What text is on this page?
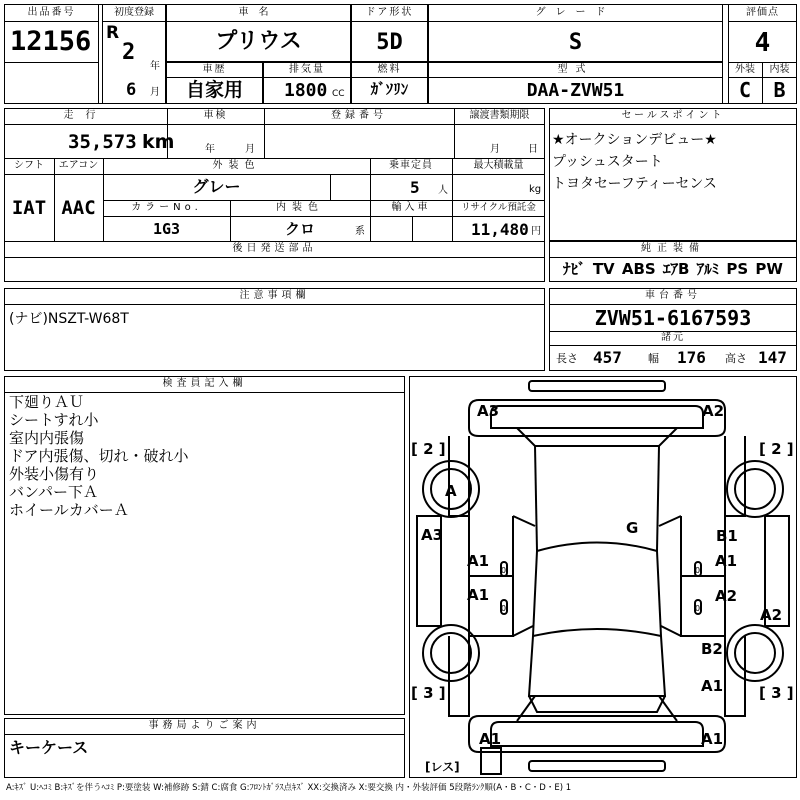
出品番号
12156
初度登録
R
2
年
6 月
車名
プリウス
ドア形状
5D
グレード
S
車歴
自家用
排気量
1800 CC
燃料
ｶﾞｿﾘﾝ
型式
DAA-ZVW51
評価点
4
外装	内装
C	B
走行
35,573 km
車検
年	月
登録番号	譲渡書類期限
月	日
シフト
IAT
エアコン
AAC
外装色
グレー
乗車定員
5 人
最大積載量
kg
カラーNo.
1G3
内装色
クロ	系
輸入車	リサイクル預託金
11,480 円
後日発送部品
セールスポイント
★オークションデビュー★
プッシュスタート
トヨタセーフティーセンス
純正装備
ﾅﾋﾞ TV ABS ｴｱB ｱﾙﾐ PS PW
注意事項欄
(ナビ)NSZT-W68T
車台番号
ZVW51-6167593
諸元
長さ 457 幅 176 高さ 147
検査員記入欄
下廻りＡＵ
シートすれ小
室内内張傷
ドア内張傷、切れ・破れ小
外装小傷有り
バンパー下Ａ
ホイールカバーＡ
事務局よりご案内
キーケース
A3	A2
[ 2 ]	[ 2 ]
[ 3 ]	[ 3 ]
A
A3	G	B1
A1	A1
A1	A2
A2
B2
A1
A1	A1
0	0
0	0
[レス]
A:ｷｽﾞ U:ﾍｺﾐ B:ｷｽﾞを伴うﾍｺﾐ P:要塗装 W:補修跡 S:錆 C:腐食 G:ﾌﾛﾝﾄｶﾞﾗｽ点ｷｽﾞ XX:交換済み X:要交換 内・外装評価 5段階ﾗﾝｸ順(A・B・C・D・E) 1
